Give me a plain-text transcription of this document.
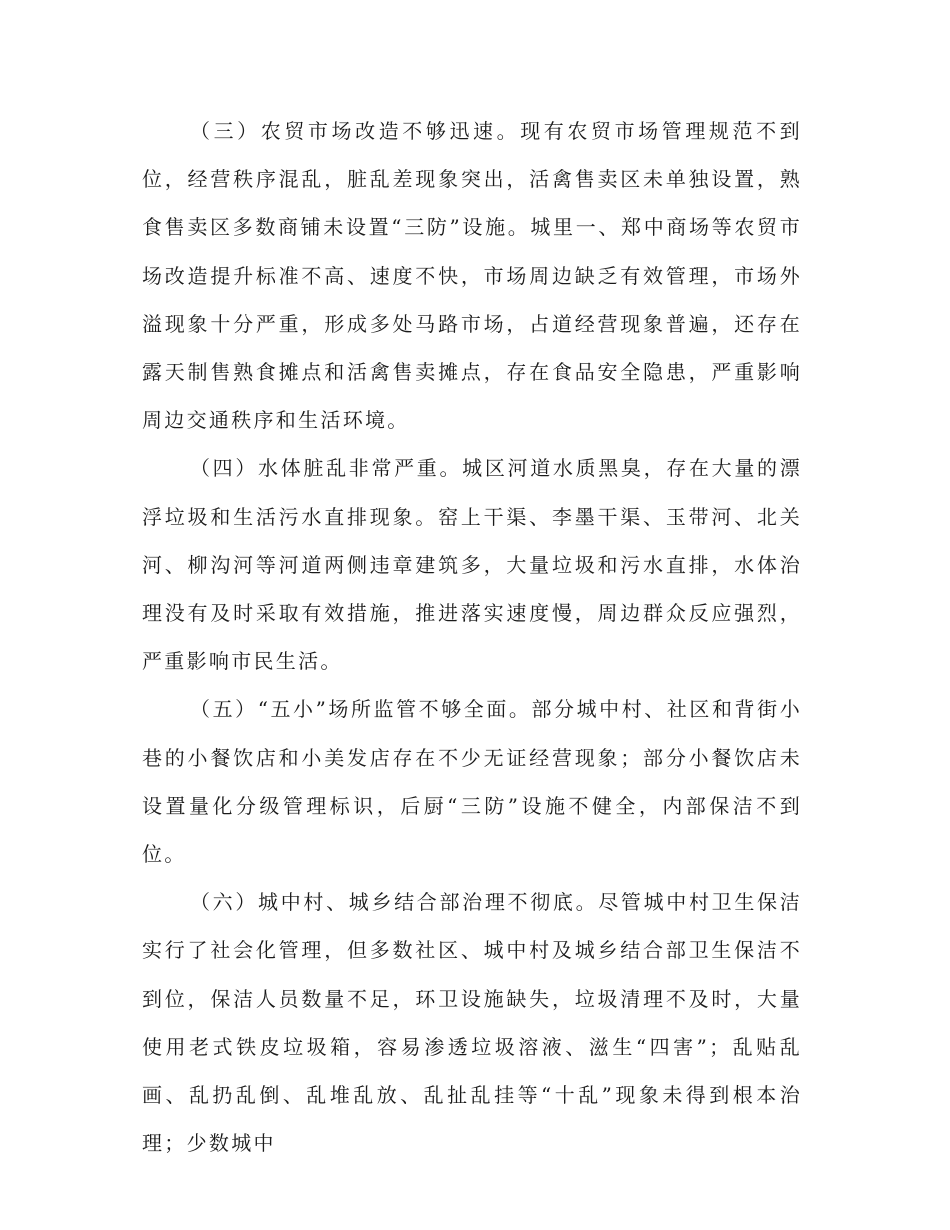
（三）农贸市场改造不够迅速。现有农贸市场管理规范不到位，经营秩序混乱，脏乱差现象突出，活禽售卖区未单独设置，熟食售卖区多数商铺未设置“三防”设施。城里一、郑中商场等农贸市场改造提升标准不高、速度不快，市场周边缺乏有效管理，市场外溢现象十分严重，形成多处马路市场，占道经营现象普遍，还存在露天制售熟食摊点和活禽售卖摊点，存在食品安全隐患，严重影响周边交通秩序和生活环境。

（四）水体脏乱非常严重。城区河道水质黑臭，存在大量的漂浮垃圾和生活污水直排现象。窑上干渠、李墨干渠、玉带河、北关河、柳沟河等河道两侧违章建筑多，大量垃圾和污水直排，水体治理没有及时采取有效措施，推进落实速度慢，周边群众反应强烈，严重影响市民生活。

（五）“五小”场所监管不够全面。部分城中村、社区和背街小巷的小餐饮店和小美发店存在不少无证经营现象；部分小餐饮店未设置量化分级管理标识，后厨“三防”设施不健全，内部保洁不到位。

（六）城中村、城乡结合部治理不彻底。尽管城中村卫生保洁实行了社会化管理，但多数社区、城中村及城乡结合部卫生保洁不到位，保洁人员数量不足，环卫设施缺失，垃圾清理不及时，大量使用老式铁皮垃圾箱，容易渗透垃圾溶液、滋生“四害”；乱贴乱画、乱扔乱倒、乱堆乱放、乱扯乱挂等“十乱”现象未得到根本治理；少数城中
